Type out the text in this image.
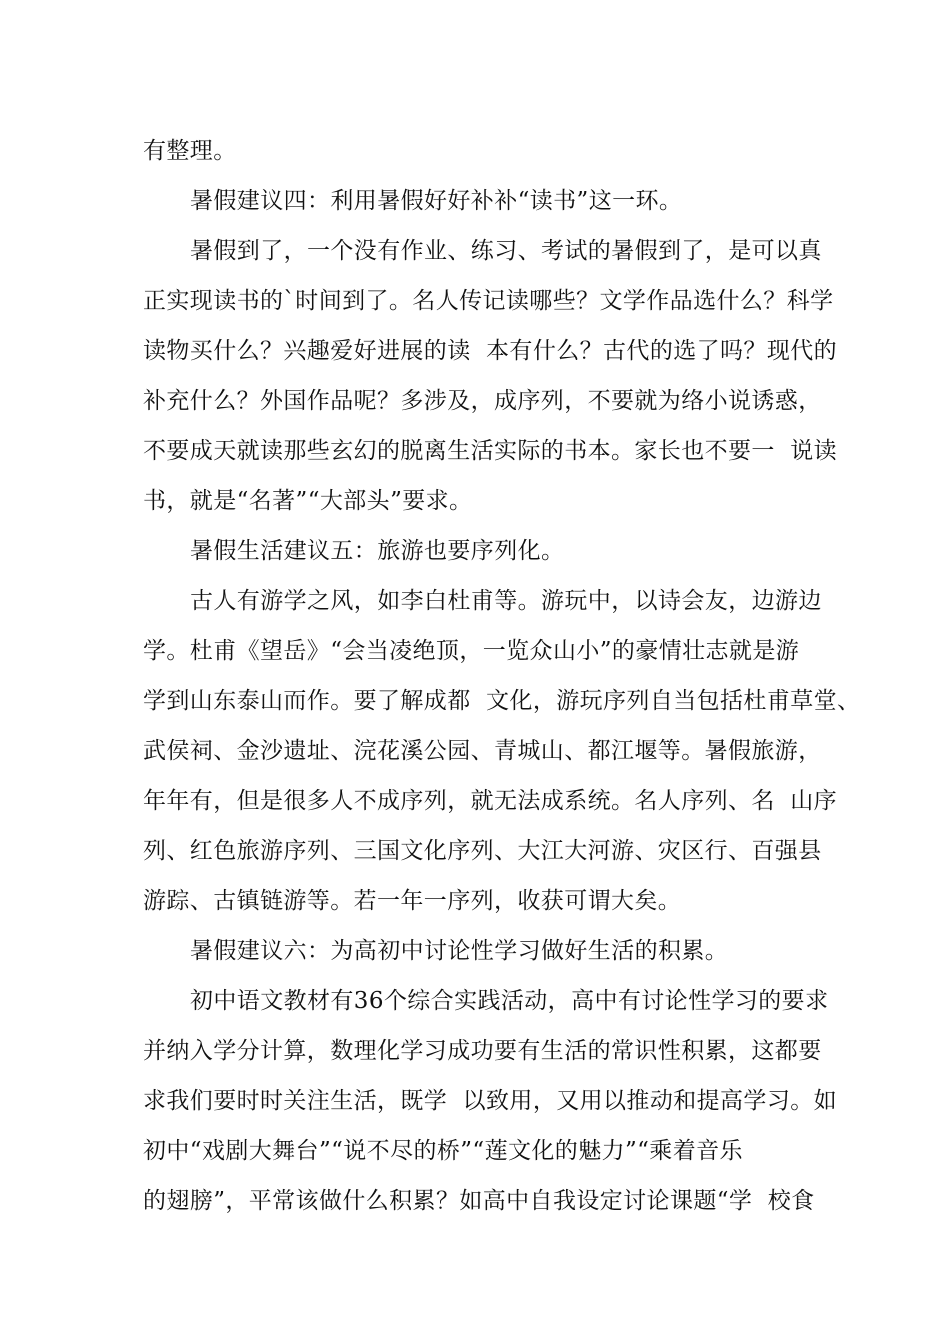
有整理。
暑假建议四：利用暑假好好补补“读书”这一环。
暑假到了，一个没有作业、练习、考试的暑假到了，是可以真
正实现读书的`时间到了。名人传记读哪些？文学作品选什么？科学
读物买什么？兴趣爱好进展的读  本有什么？古代的选了吗？现代的
补充什么？外国作品呢？多涉及，成序列，不要就为络小说诱惑，
不要成天就读那些玄幻的脱离生活实际的书本。家长也不要一  说读
书，就是“名著”“大部头”要求。
暑假生活建议五：旅游也要序列化。
古人有游学之风，如李白杜甫等。游玩中，以诗会友，边游边
学。杜甫《望岳》“会当凌绝顶，一览众山小”的豪情壮志就是游
学到山东泰山而作。要了解成都  文化，游玩序列自当包括杜甫草堂、
武侯祠、金沙遗址、浣花溪公园、青城山、都江堰等。暑假旅游，
年年有，但是很多人不成序列，就无法成系统。名人序列、名  山序
列、红色旅游序列、三国文化序列、大江大河游、灾区行、百强县
游踪、古镇链游等。若一年一序列，收获可谓大矣。
暑假建议六：为高初中讨论性学习做好生活的积累。
初中语文教材有36个综合实践活动，高中有讨论性学习的要求
并纳入学分计算，数理化学习成功要有生活的常识性积累，这都要
求我们要时时关注生活，既学  以致用，又用以推动和提高学习。如
初中“戏剧大舞台”“说不尽的桥”“莲文化的魅力”“乘着音乐
的翅膀”，平常该做什么积累？如高中自我设定讨论课题“学  校食
